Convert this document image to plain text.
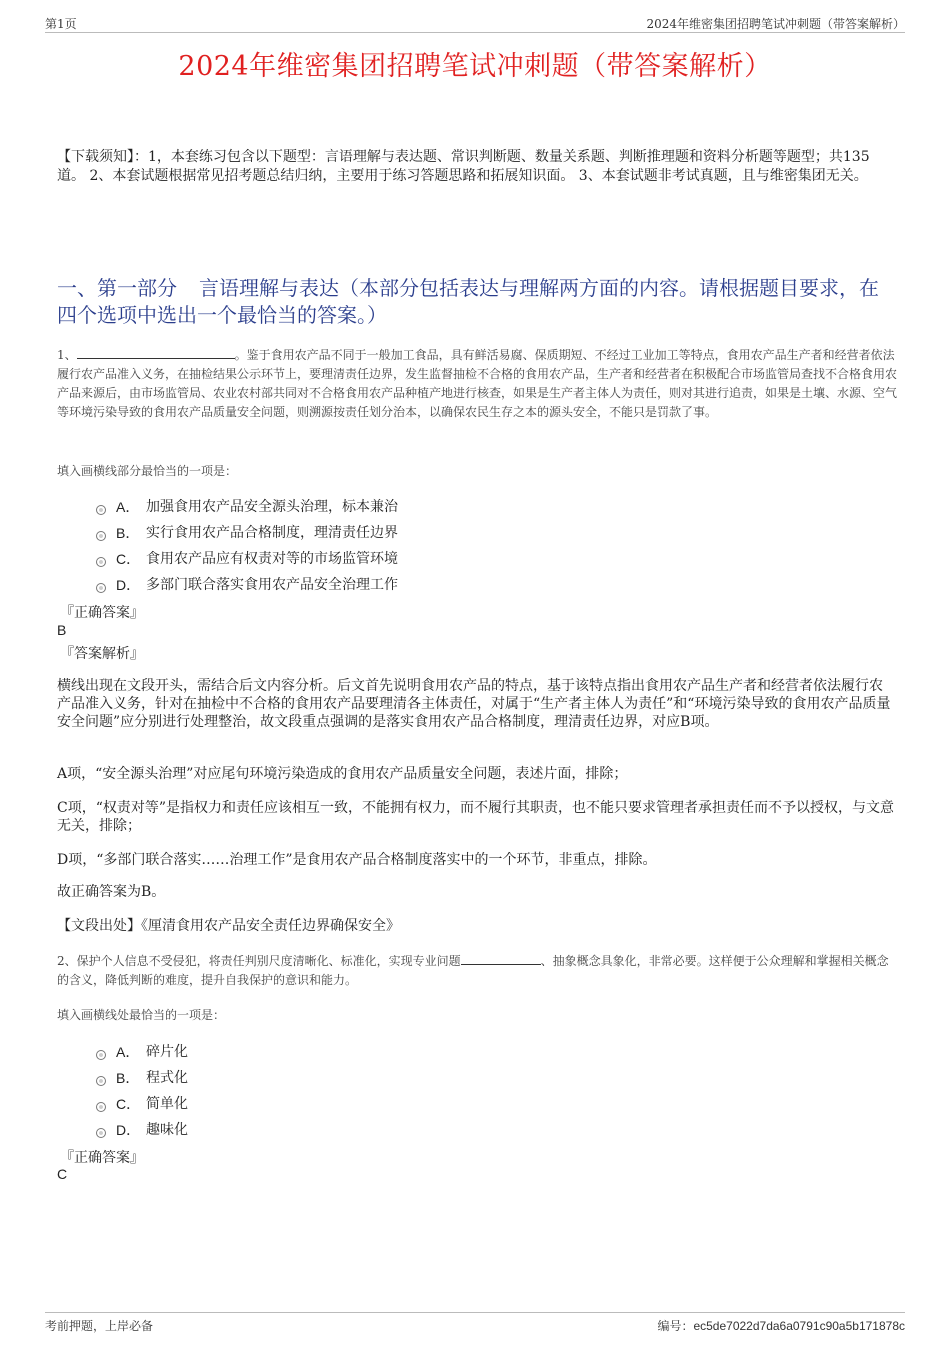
第1页	2024年维密集团招聘笔试冲刺题（带答案解析）
2024年维密集团招聘笔试冲刺题（带答案解析）
【下载须知】：1，本套练习包含以下题型：言语理解与表达题、常识判断题、数量关系题、判断推理题和资料分析题等题型；共135道。 2、本套试题根据常见招考题总结归纳，主要用于练习答题思路和拓展知识面。 3、本套试题非考试真题，且与维密集团无关。
一、第一部分 言语理解与表达（本部分包括表达与理解两方面的内容。请根据题目要求，在四个选项中选出一个最恰当的答案。）
1、	。鉴于食用农产品不同于一般加工食品，具有鲜活易腐、保质期短、不经过工业加工等特点，食用农产品生产者和经营者依法履行农产品准入义务，在抽检结果公示环节上，要理清责任边界，发生监督抽检不合格的食用农产品，生产者和经营者在积极配合市场监管局查找不合格食用农产品来源后，由市场监管局、农业农村部共同对不合格食用农产品种植产地进行核查，如果是生产者主体人为责任，则对其进行追责，如果是土壤、水源、空气等环境污染导致的食用农产品质量安全问题，则溯源按责任划分治本，以确保农民生存之本的源头安全，不能只是罚款了事。
填入画横线部分最恰当的一项是：
A． 加强食用农产品安全源头治理，标本兼治
B． 实行食用农产品合格制度，理清责任边界
C． 食用农产品应有权责对等的市场监管环境
D． 多部门联合落实食用农产品安全治理工作
『正确答案』
B
『答案解析』

横线出现在文段开头，需结合后文内容分析。后文首先说明食用农产品的特点，基于该特点指出食用农产品生产者和经营者依法履行农产品准入义务，针对在抽检中不合格的食用农产品要理清各主体责任，对属于“生产者主体人为责任”和“环境污染导致的食用农产品质量安全问题”应分别进行处理整治，故文段重点强调的是落实食用农产品合格制度，理清责任边界，对应B项。

A项，“安全源头治理”对应尾句环境污染造成的食用农产品质量安全问题，表述片面，排除；

C项，“权责对等”是指权力和责任应该相互一致，不能拥有权力，而不履行其职责，也不能只要求管理者承担责任而不予以授权，与文意无关，排除；

D项，“多部门联合落实……治理工作”是食用农产品合格制度落实中的一个环节，非重点，排除。

故正确答案为B。

【文段出处】《厘清食用农产品安全责任边界确保安全》

2、保护个人信息不受侵犯，将责任判别尺度清晰化、标准化，实现专业问题	、抽象概念具象化，非常必要。这样便于公众理解和掌握相关概念的含义，降低判断的难度，提升自我保护的意识和能力。
填入画横线处最恰当的一项是：
A． 碎片化
B． 程式化
C． 简单化
D． 趣味化
『正确答案』
C
考前押题，上岸必备	编号：ec5de7022d7da6a0791c90a5b171878c
